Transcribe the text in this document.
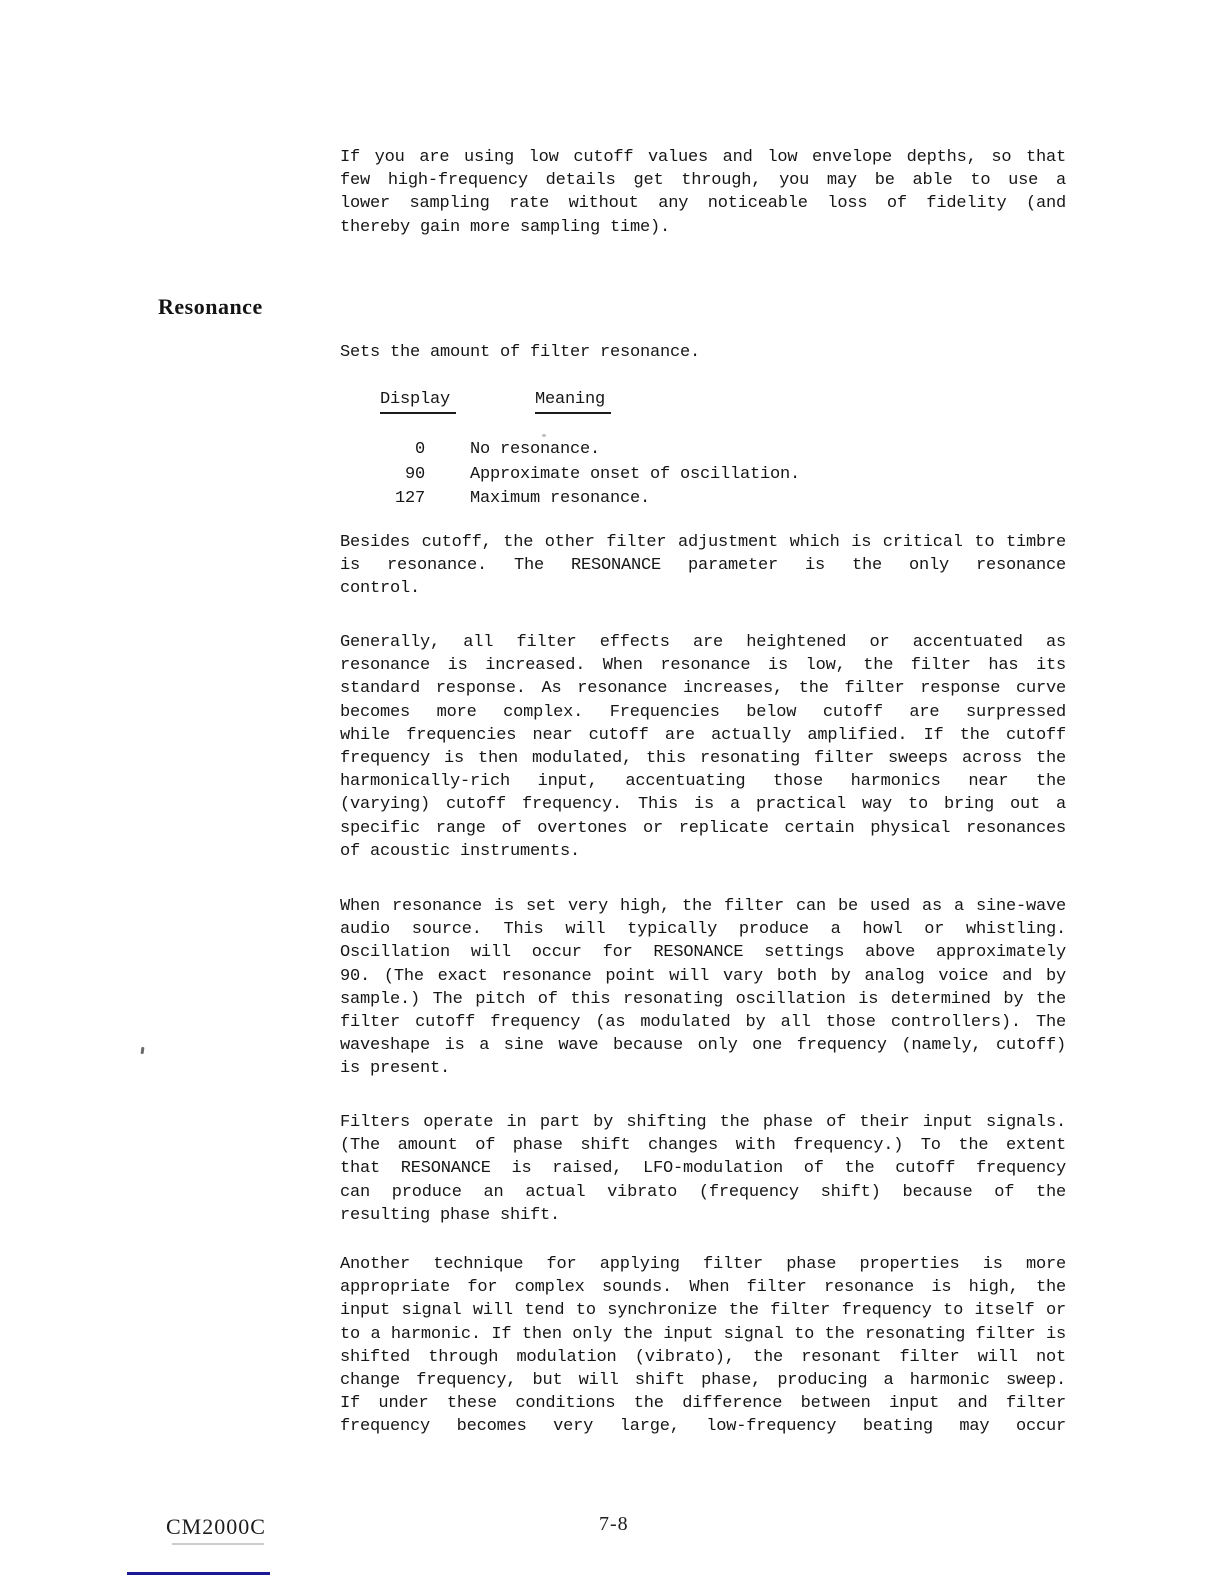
If you are using low cutoff values and low envelope depths, so that
few high-frequency details get through, you may be able to use a
lower sampling rate without any noticeable loss of fidelity (and
thereby gain more sampling time).
Resonance
Sets the amount of filter resonance.
Display	Meaning
0	No resonance.
90	Approximate onset of oscillation.
127	Maximum resonance.
Besides cutoff, the other filter adjustment which is critical to timbre
is resonance. The RESONANCE parameter is the only resonance
control.
Generally, all filter effects are heightened or accentuated as
resonance is increased. When resonance is low, the filter has its
standard response. As resonance increases, the filter response curve
becomes more complex. Frequencies below cutoff are surpressed
while frequencies near cutoff are actually amplified. If the cutoff
frequency is then modulated, this resonating filter sweeps across the
harmonically-rich input, accentuating those harmonics near the
(varying) cutoff frequency. This is a practical way to bring out a
specific range of overtones or replicate certain physical resonances
of acoustic instruments.
When resonance is set very high, the filter can be used as a sine-wave
audio source. This will typically produce a howl or whistling.
Oscillation will occur for RESONANCE settings above approximately
90. (The exact resonance point will vary both by analog voice and by
sample.) The pitch of this resonating oscillation is determined by the
filter cutoff frequency (as modulated by all those controllers). The
waveshape is a sine wave because only one frequency (namely, cutoff)
is present.
Filters operate in part by shifting the phase of their input signals.
(The amount of phase shift changes with frequency.) To the extent
that RESONANCE is raised, LFO-modulation of the cutoff frequency
can produce an actual vibrato (frequency shift) because of the
resulting phase shift.
Another technique for applying filter phase properties is more
appropriate for complex sounds. When filter resonance is high, the
input signal will tend to synchronize the filter frequency to itself or
to a harmonic. If then only the input signal to the resonating filter is
shifted through modulation (vibrato), the resonant filter will not
change frequency, but will shift phase, producing a harmonic sweep.
If under these conditions the difference between input and filter
frequency becomes very large, low-frequency beating may occur
CM2000C	7-8
